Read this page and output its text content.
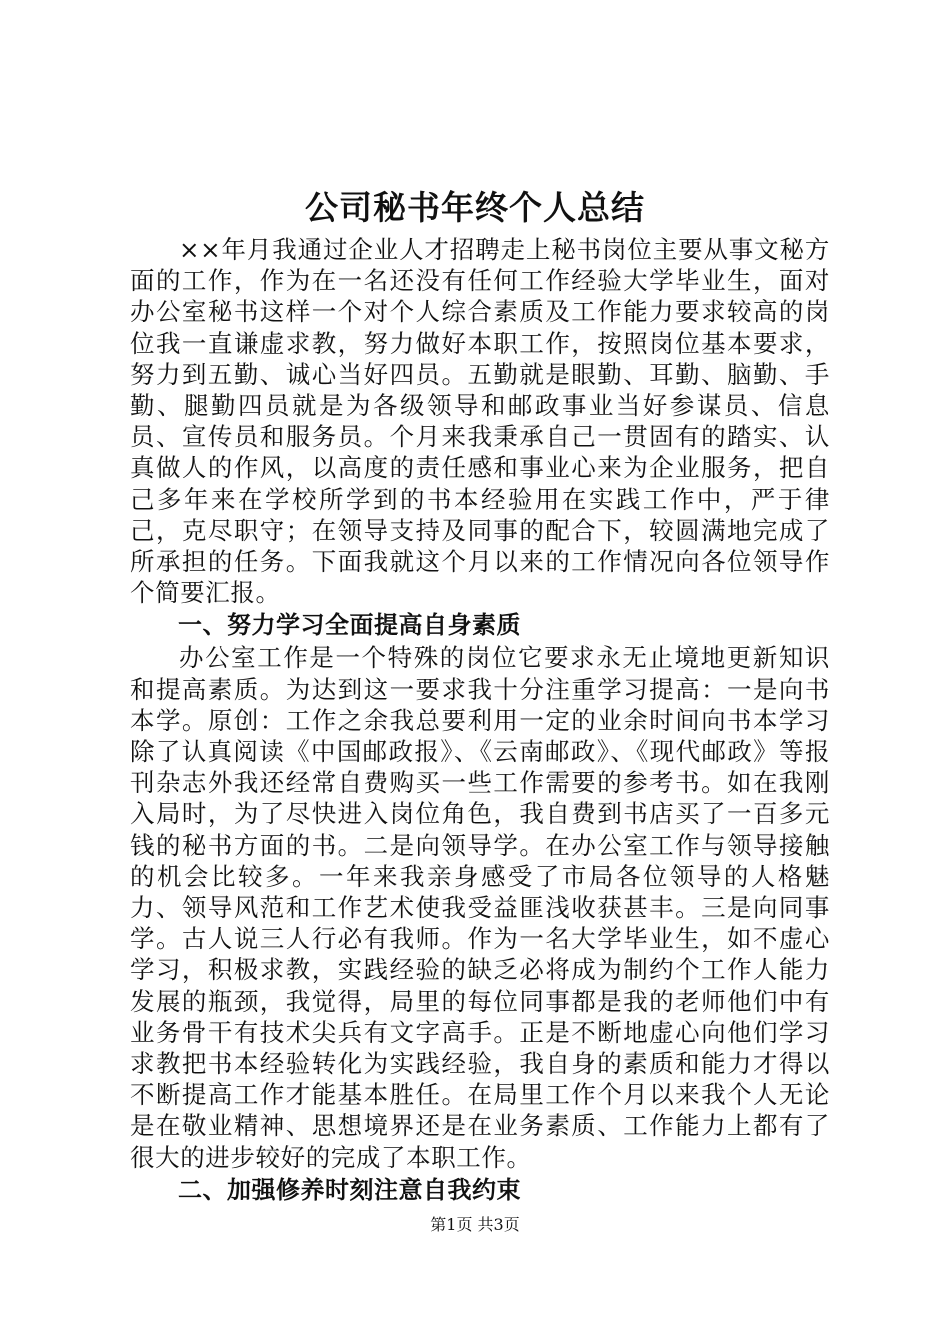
公司秘书年终个人总结

××年月我通过企业人才招聘走上秘书岗位主要从事文秘方面的工作，作为在一名还没有任何工作经验大学毕业生，面对办公室秘书这样一个对个人综合素质及工作能力要求较高的岗位我一直谦虚求教，努力做好本职工作，按照岗位基本要求，努力到五勤、诚心当好四员。五勤就是眼勤、耳勤、脑勤、手勤、腿勤四员就是为各级领导和邮政事业当好参谋员、信息员、宣传员和服务员。个月来我秉承自己一贯固有的踏实、认真做人的作风，以高度的责任感和事业心来为企业服务，把自己多年来在学校所学到的书本经验用在实践工作中，严于律己，克尽职守；在领导支持及同事的配合下，较圆满地完成了所承担的任务。下面我就这个月以来的工作情况向各位领导作个简要汇报。

一、努力学习全面提高自身素质

办公室工作是一个特殊的岗位它要求永无止境地更新知识和提高素质。为达到这一要求我十分注重学习提高：一是向书本学。原创：工作之余我总要利用一定的业余时间向书本学习除了认真阅读《中国邮政报》、《云南邮政》、《现代邮政》等报刊杂志外我还经常自费购买一些工作需要的参考书。如在我刚入局时，为了尽快进入岗位角色，我自费到书店买了一百多元钱的秘书方面的书。二是向领导学。在办公室工作与领导接触的机会比较多。一年来我亲身感受了市局各位领导的人格魅力、领导风范和工作艺术使我受益匪浅收获甚丰。三是向同事学。古人说三人行必有我师。作为一名大学毕业生，如不虚心学习，积极求教，实践经验的缺乏必将成为制约个工作人能力发展的瓶颈，我觉得，局里的每位同事都是我的老师他们中有业务骨干有技术尖兵有文字高手。正是不断地虚心向他们学习求教把书本经验转化为实践经验，我自身的素质和能力才得以不断提高工作才能基本胜任。在局里工作个月以来我个人无论是在敬业精神、思想境界还是在业务素质、工作能力上都有了很大的进步较好的完成了本职工作。

二、加强修养时刻注意自我约束
第1页 共3页
